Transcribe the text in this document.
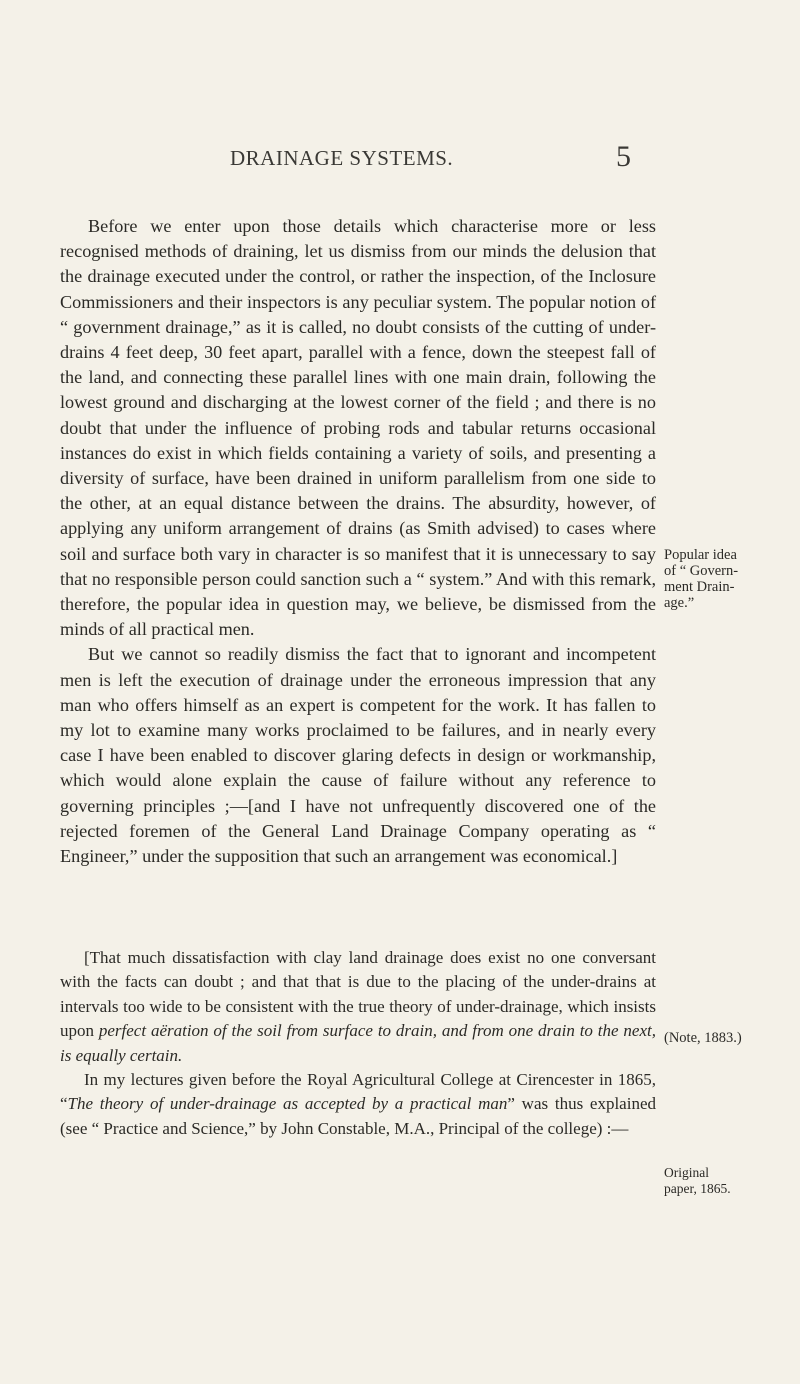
DRAINAGE SYSTEMS.	5

Before we enter upon those details which characterise more or less recognised methods of draining, let us dismiss from our minds the delusion that the drainage executed under the control, or rather the inspection, of the Inclosure Commissioners and their inspectors is any peculiar system. The popular notion of “ government drainage,” as it is called, no doubt consists of the cutting of under-drains 4 feet deep, 30 feet apart, parallel with a fence, down the steepest fall of the land, and connecting these parallel lines with one main drain, following the lowest ground and discharging at the lowest corner of the field ; and there is no doubt that under the influence of probing rods and tabular returns occasional instances do exist in which fields containing a variety of soils, and presenting a diversity of surface, have been drained in uniform parallelism from one side to the other, at an equal distance between the drains. The absurdity, however, of applying any uniform arrangement of drains (as Smith advised) to cases where soil and surface both vary in character is so manifest that it is unnecessary to say that no responsible person could sanction such a “ system.” And with this remark, therefore, the popular idea in question may, we believe, be dismissed from the minds of all practical men.

But we cannot so readily dismiss the fact that to ignorant and incompetent men is left the execution of drainage under the erroneous impression that any man who offers himself as an expert is competent for the work. It has fallen to my lot to examine many works proclaimed to be failures, and in nearly every case I have been enabled to discover glaring defects in design or workmanship, which would alone explain the cause of failure without any reference to governing principles ;—[and I have not unfrequently discovered one of the rejected foremen of the General Land Drainage Company operating as “ Engineer,” under the supposition that such an arrangement was economical.]

[That much dissatisfaction with clay land drainage does exist no one conversant with the facts can doubt ; and that that is due to the placing of the under-drains at intervals too wide to be consistent with the true theory of under-drainage, which insists upon perfect aëration of the soil from surface to drain, and from one drain to the next, is equally certain.

In my lectures given before the Royal Agricultural College at Cirencester in 1865, “The theory of under-drainage as accepted by a practical man” was thus explained (see “ Practice and Science,” by John Constable, M.A., Principal of the college) :—

Popular idea
of “ Govern-
ment Drain-
age.”
(Note, 1883.)
Original
paper, 1865.
